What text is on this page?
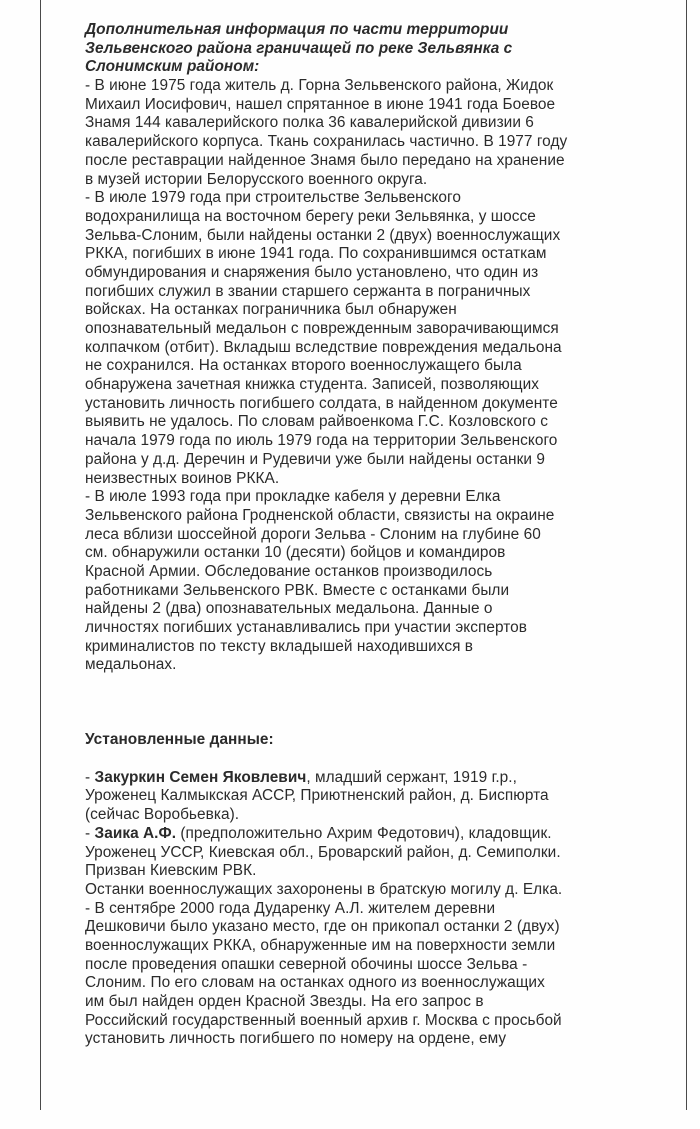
Дополнительная информация по части территории
Зельвенского района граничащей по реке Зельвянка с
Слонимским районом:
- В июне 1975 года житель д. Горна Зельвенского района, Жидок
Михаил Иосифович, нашел спрятанное в июне 1941 года Боевое
Знамя 144 кавалерийского полка 36 кавалерийской дивизии 6
кавалерийского корпуса. Ткань сохранилась частично. В 1977 году
после реставрации найденное Знамя было передано на хранение
в музей истории Белорусского военного округа.
- В июле 1979 года при строительстве Зельвенского
водохранилища на восточном берегу реки Зельвянка, у шоссе
Зельва-Слоним, были найдены останки 2 (двух) военнослужащих
РККА, погибших в июне 1941 года. По сохранившимся остаткам
обмундирования и снаряжения было установлено, что один из
погибших служил в звании старшего сержанта в пограничных
войсках. На останках пограничника был обнаружен
опознавательный медальон с поврежденным заворачивающимся
колпачком (отбит). Вкладыш вследствие повреждения медальона
не сохранился. На останках второго военнослужащего была
обнаружена зачетная книжка студента. Записей, позволяющих
установить личность погибшего солдата, в найденном документе
выявить не удалось. По словам райвоенкома Г.С. Козловского с
начала 1979 года по июль 1979 года на территории Зельвенского
района у д.д. Деречин и Рудевичи уже были найдены останки 9
неизвестных воинов РККА.
- В июле 1993 года при прокладке кабеля у деревни Елка
Зельвенского района Гродненской области, связисты на окраине
леса вблизи шоссейной дороги Зельва - Слоним на глубине 60
см. обнаружили останки 10 (десяти) бойцов и командиров
Красной Армии. Обследование останков производилось
работниками Зельвенского РВК. Вместе с останками были
найдены 2 (два) опознавательных медальона. Данные о
личностях погибших устанавливались при участии экспертов
криминалистов по тексту вкладышей находившихся в
медальонах.
Установленные данные:
- Закуркин Семен Яковлевич, младший сержант, 1919 г.р.,
Уроженец Калмыкская АССР, Приютненский район, д. Биспюрта
(сейчас Воробьевка).
- Заика А.Ф. (предположительно Ахрим Федотович), кладовщик.
Уроженец УССР, Киевская обл., Броварский район, д. Семиполки.
Призван Киевским РВК.
Останки военнослужащих захоронены в братскую могилу д. Елка.
- В сентябре 2000 года Дударенку А.Л. жителем деревни
Дешковичи было указано место, где он прикопал останки 2 (двух)
военнослужащих РККА, обнаруженные им на поверхности земли
после проведения опашки северной обочины шоссе Зельва -
Слоним. По его словам на останках одного из военнослужащих
им был найден орден Красной Звезды. На его запрос в
Российский государственный военный архив г. Москва с просьбой
установить личность погибшего по номеру на ордене, ему
